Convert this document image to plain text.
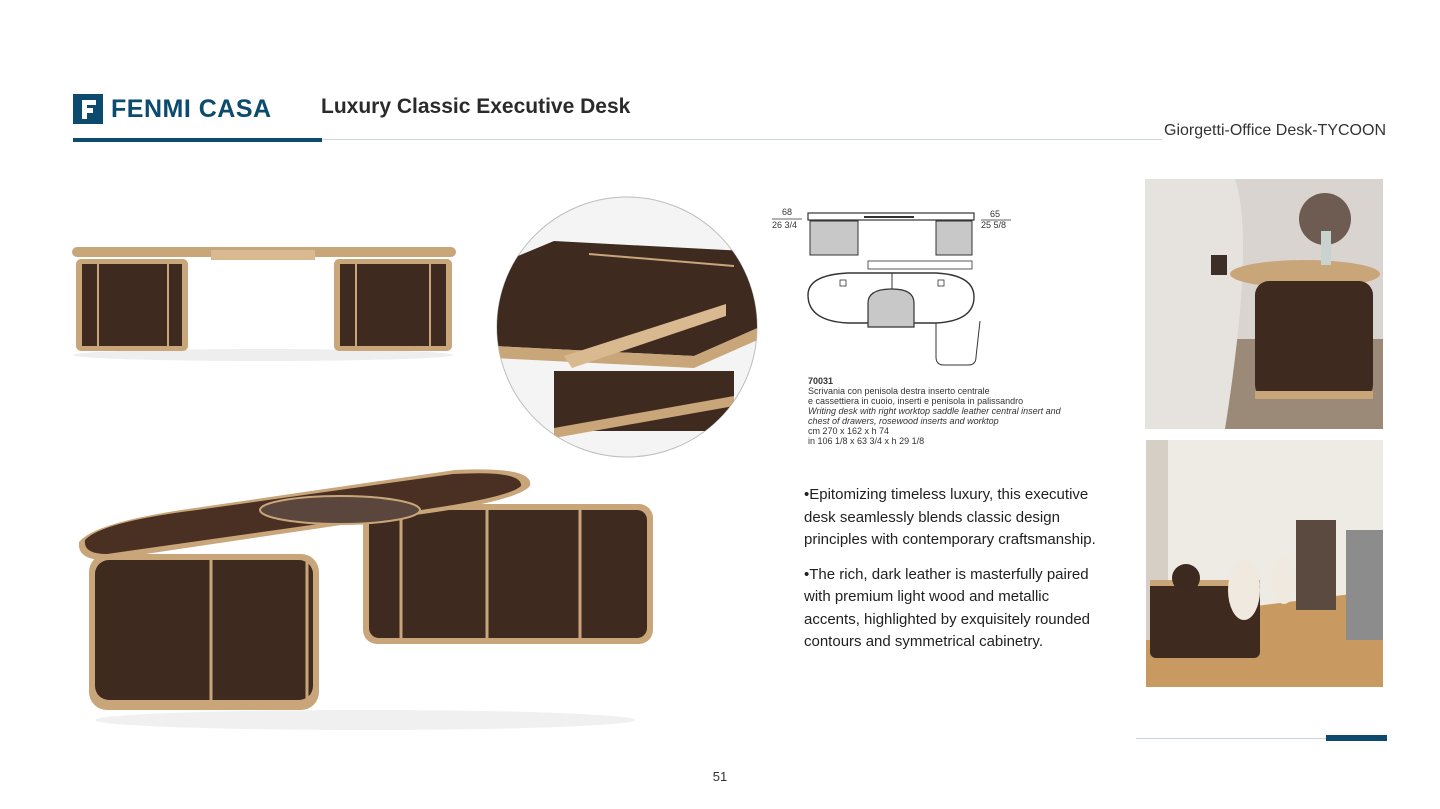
FENMI CASA Luxury Classic Executive Desk
Giorgetti-Office Desk-TYCOON
68
26 3/4
65
25 5/8
70031
Scrivania con penisola destra inserto centrale
e cassettiera in cuoio, inserti e penisola in palissandro
Writing desk with right worktop saddle leather central insert and
chest of drawers, rosewood inserts and worktop
cm 270 x 162 x h 74
in 106 1/8 x 63 3/4 x h 29 1/8

•Epitomizing timeless luxury, this executive desk seamlessly blends classic design principles with contemporary craftsmanship.

•The rich, dark leather is masterfully paired with premium light wood and metallic accents, highlighted by exquisitely rounded contours and symmetrical cabinetry.

51
